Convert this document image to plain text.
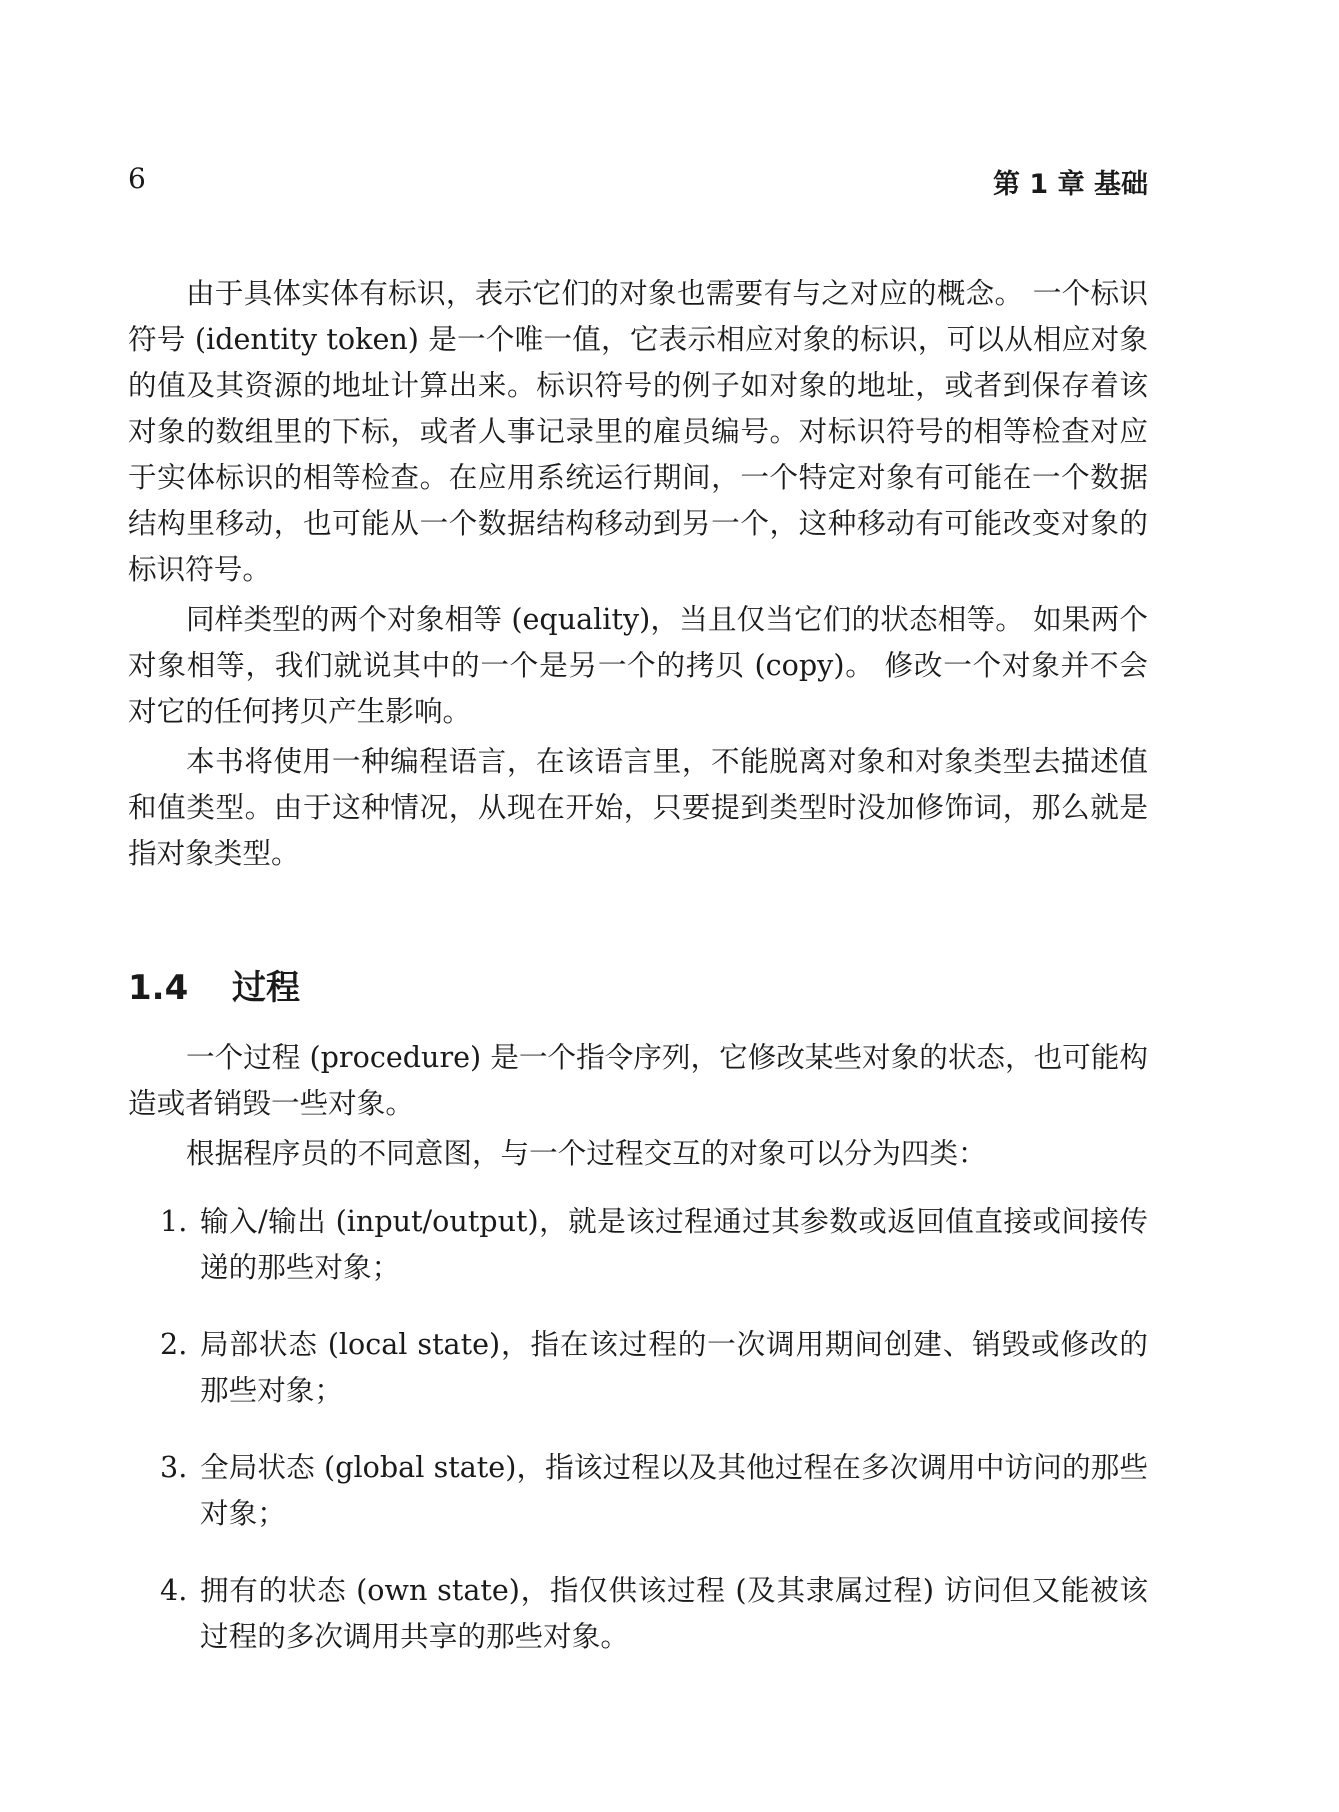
6	第 1 章 基础

由于具体实体有标识，表示它们的对象也需要有与之对应的概念。 一个标识符号 (identity token) 是一个唯一值，它表示相应对象的标识，可以从相应对象的值及其资源的地址计算出来。标识符号的例子如对象的地址，或者到保存着该对象的数组里的下标，或者人事记录里的雇员编号。对标识符号的相等检查对应于实体标识的相等检查。在应用系统运行期间，一个特定对象有可能在一个数据结构里移动，也可能从一个数据结构移动到另一个，这种移动有可能改变对象的标识符号。

同样类型的两个对象相等 (equality)，当且仅当它们的状态相等。 如果两个对象相等，我们就说其中的一个是另一个的拷贝 (copy)。 修改一个对象并不会对它的任何拷贝产生影响。

本书将使用一种编程语言，在该语言里，不能脱离对象和对象类型去描述值和值类型。由于这种情况，从现在开始，只要提到类型时没加修饰词，那么就是指对象类型。

1.4 过程

一个过程 (procedure) 是一个指令序列，它修改某些对象的状态，也可能构造或者销毁一些对象。

根据程序员的不同意图，与一个过程交互的对象可以分为四类：

1. 输入/输出 (input/output)，就是该过程通过其参数或返回值直接或间接传递的那些对象；
2. 局部状态 (local state)，指在该过程的一次调用期间创建、销毁或修改的那些对象；
3. 全局状态 (global state)，指该过程以及其他过程在多次调用中访问的那些对象；
4. 拥有的状态 (own state)，指仅供该过程 (及其隶属过程) 访问但又能被该过程的多次调用共享的那些对象。
